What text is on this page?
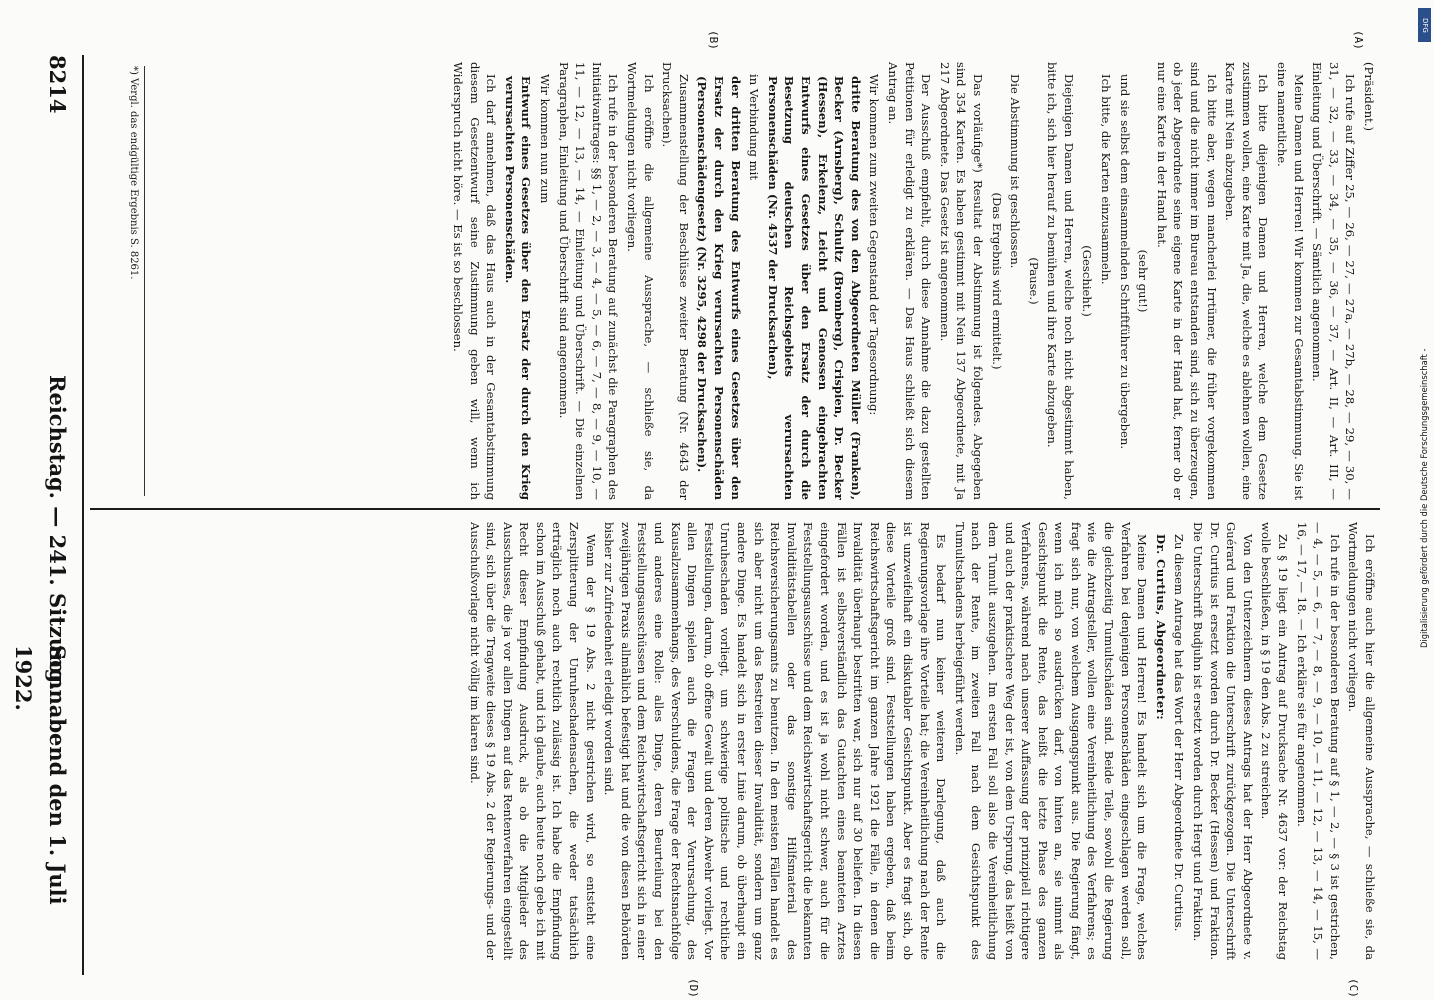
8214
Reichstag. — 241. Sitzung.
Sonnabend den 1. Juli 1922.
(A)
(B)
(C)
(D)

(Präsident.)

Ich rufe auf Ziffer 25, — 26, — 27, — 27a, — 27b, — 28, — 29, — 30, — 31, — 32, — 33, — 34, — 35, — 36, — 37, — Art. II, — Art. III, — Einleitung und Überschrift. — Sämtlich angenommen.

Meine Damen und Herren! Wir kommen zur Gesamtabstimmung. Sie ist eine namentliche.

Ich bitte diejenigen Damen und Herren, welche dem Gesetze zustimmen wollen, eine Karte mit Ja, die, welche es ablehnen wollen, eine Karte mit Nein abzugeben.

Ich bitte aber, wegen mancherlei Irrtümer, die früher vorgekommen sind und die nicht immer im Bureau entstanden sind, sich zu überzeugen, ob jeder Abgeordnete seine eigene Karte in der Hand hat, ferner ob er nur eine Karte in der Hand hat.

(sehr gut!)

und sie selbst dem einsammelnden Schriftführer zu übergeben.

Ich bitte, die Karten einzusammeln.

(Geschieht.)

Diejenigen Damen und Herren, welche noch nicht abgestimmt haben, bitte ich, sich hier herauf zu bemühen und ihre Karte abzugeben.

(Pause.)

Die Abstimmung ist geschlossen.

(Das Ergebnis wird ermittelt.)

Das vorläufige*) Resultat der Abstimmung ist folgendes. Abgegeben sind 354 Karten. Es haben gestimmt mit Nein 137 Abgeordnete, mit Ja 217 Abgeordnete. Das Gesetz ist angenommen.

Der Ausschuß empfiehlt, durch diese Annahme die dazu gestellten Petitionen für erledigt zu erklären. — Das Haus schließt sich diesem Antrag an.

Wir kommen zum zweiten Gegenstand der Tagesordnung:

dritte Beratung des von den Abgeordneten Müller (Franken), Becker (Arnsberg), Schultz (Bromberg), Crispien, Dr. Becker (Hessen), Erkelenz, Leicht und Genossen eingebrachten Entwurfs eines Gesetzes über den Ersatz der durch die Besetzung deutschen Reichsgebiets verursachten Personenschäden (Nr. 4537 der Drucksachen),

in Verbindung mit

der dritten Beratung des Entwurfs eines Gesetzes über den Ersatz der durch den Krieg verursachten Personenschäden (Personenschädengesetz) (Nr. 3295, 4298 der Drucksachen).

Zusammenstellung der Beschlüsse zweiter Beratung (Nr. 4643 der Drucksachen).

Ich eröffne die allgemeine Aussprache, — schließe sie, da Wortmeldungen nicht vorliegen.

Ich rufe in der besonderen Beratung auf zunächst die Paragraphen des Initiativantrages: §§ 1, — 2, — 3, — 4, — 5, — 6, — 7, — 8, — 9, — 10, — 11, — 12, — 13, — 14, — Einleitung und Überschrift. — Die einzelnen Paragraphen, Einleitung und Überschrift sind angenommen.

Wir kommen nun zum

Entwurf eines Gesetzes über den Ersatz der durch den Krieg verursachten Personenschäden.

Ich darf annehmen, daß das Haus auch in der Gesamtabstimmung diesem Gesetzentwurf seine Zustimmung geben will, wenn ich Widerspruch nicht höre. — Es ist so beschlossen.

*) Vergl. das endgültige Ergebnis S. 8261.

Ich eröffne auch hier die allgemeine Aussprache, — schließe sie, da Wortmeldungen nicht vorliegen.

Ich rufe in der besonderen Beratung auf § 1, — 2, — § 3 ist gestrichen, — 4, — 5, — 6, — 7, — 8, — 9, — 10, — 11, — 12, — 13, — 14, — 15, — 16, — 17, — 18. — Ich erkläre sie für angenommen.

Zu § 19 liegt ein Antrag auf Drucksache Nr. 4637 vor: der Reichstag wolle beschließen, in § 19 den Abs. 2 zu streichen.

Von den Unterzeichnern dieses Antrags hat der Herr Abgeordnete v. Guérard und Fraktion die Unterschrift zurückgezogen. Die Unterschrift Dr. Curtius ist ersetzt worden durch Dr. Becker (Hessen) und Fraktion. Die Unterschrift Budjuhn ist ersetzt worden durch Hergt und Fraktion.

Zu diesem Antrage hat das Wort der Herr Abgeordnete Dr. Curtius.

Dr. Curtius, Abgeordneter:

Meine Damen und Herren! Es handelt sich um die Frage, welches Verfahren bei denjenigen Personenschäden eingeschlagen werden soll, die gleichzeitig Tumultschäden sind. Beide Teile, sowohl die Regierung wie die Antragsteller, wollen eine Vereinheitlichung des Verfahrens; es fragt sich nur, von welchem Ausgangspunkt aus. Die Regierung fängt, wenn ich mich so ausdrücken darf, von hinten an, sie nimmt als Gesichtspunkt die Rente, das heißt die letzte Phase des ganzen Verfahrens, während nach unserer Auffassung der prinzipiell richtigere und auch der praktischere Weg der ist, von dem Ursprung, das heißt von dem Tumult auszugehen. Im ersten Fall soll also die Vereinheitlichung nach der Rente, im zweiten Fall nach dem Gesichtspunkt des Tumultschadens herbeigeführt werden.

Es bedarf nun keiner weiteren Darlegung, daß auch die Regierungsvorlage ihre Vorteile hat; die Vereinheitlichung nach der Rente ist unzweifelhaft ein diskutabler Gesichtspunkt. Aber es fragt sich, ob diese Vorteile groß sind. Feststellungen haben ergeben, daß beim Reichswirtschaftsgericht im ganzen Jahre 1921 die Fälle, in denen die Invalidität überhaupt bestritten war, sich nur auf 30 beliefen. In diesen Fällen ist selbstverständlich das Gutachten eines beamteten Arztes eingefordert worden, und es ist ja wohl nicht schwer, auch für die Feststellungsausschüsse und dem Reichswirtschaftsgericht die bekannten Invaliditätstabellen oder das sonstige Hilfsmaterial des Reichsversicherungsamts zu benutzen. In den meisten Fällen handelt es sich aber nicht um das Bestreiten dieser Invalidität, sondern um ganz andere Dinge. Es handelt sich in erster Linie darum, ob überhaupt ein Unruheschaden vorliegt, um schwierige politische und rechtliche Feststellungen, darum, ob offene Gewalt und deren Abwehr vorliegt. Vor allen Dingen spielen auch die Fragen der Verursachung, des Kausalzusammenhangs, des Verschuldens, die Frage der Rechtsnachfolge und anderes eine Rolle: alles Dinge, deren Beurteilung bei den Feststellungsausschüssen und dem Reichswirtschaftsgericht sich in einer zweijährigen Praxis allmählich befestigt hat und die von diesen Behörden bisher zur Zufriedenheit erledigt worden sind.

Wenn der § 19 Abs. 2 nicht gestrichen wird, so entsteht eine Zersplitterung der Unruheschadensachen, die weder tatsächlich erträglich noch auch rechtlich zulässig ist. Ich habe die Empfindung schon im Ausschuß gehabt, und ich glaube, auch heute noch gebe ich mit Recht dieser Empfindung Ausdruck, als ob die Mitglieder des Ausschusses, die ja vor allen Dingen auf das Rentenverfahren eingestellt sind, sich über die Tragweite dieses § 19 Abs. 2 der Regierungs- und der Ausschußvorlage nicht völlig im klaren sind.

DFG
Digitalisierung gefördert durch die Deutsche Forschungsgemeinschaft -
